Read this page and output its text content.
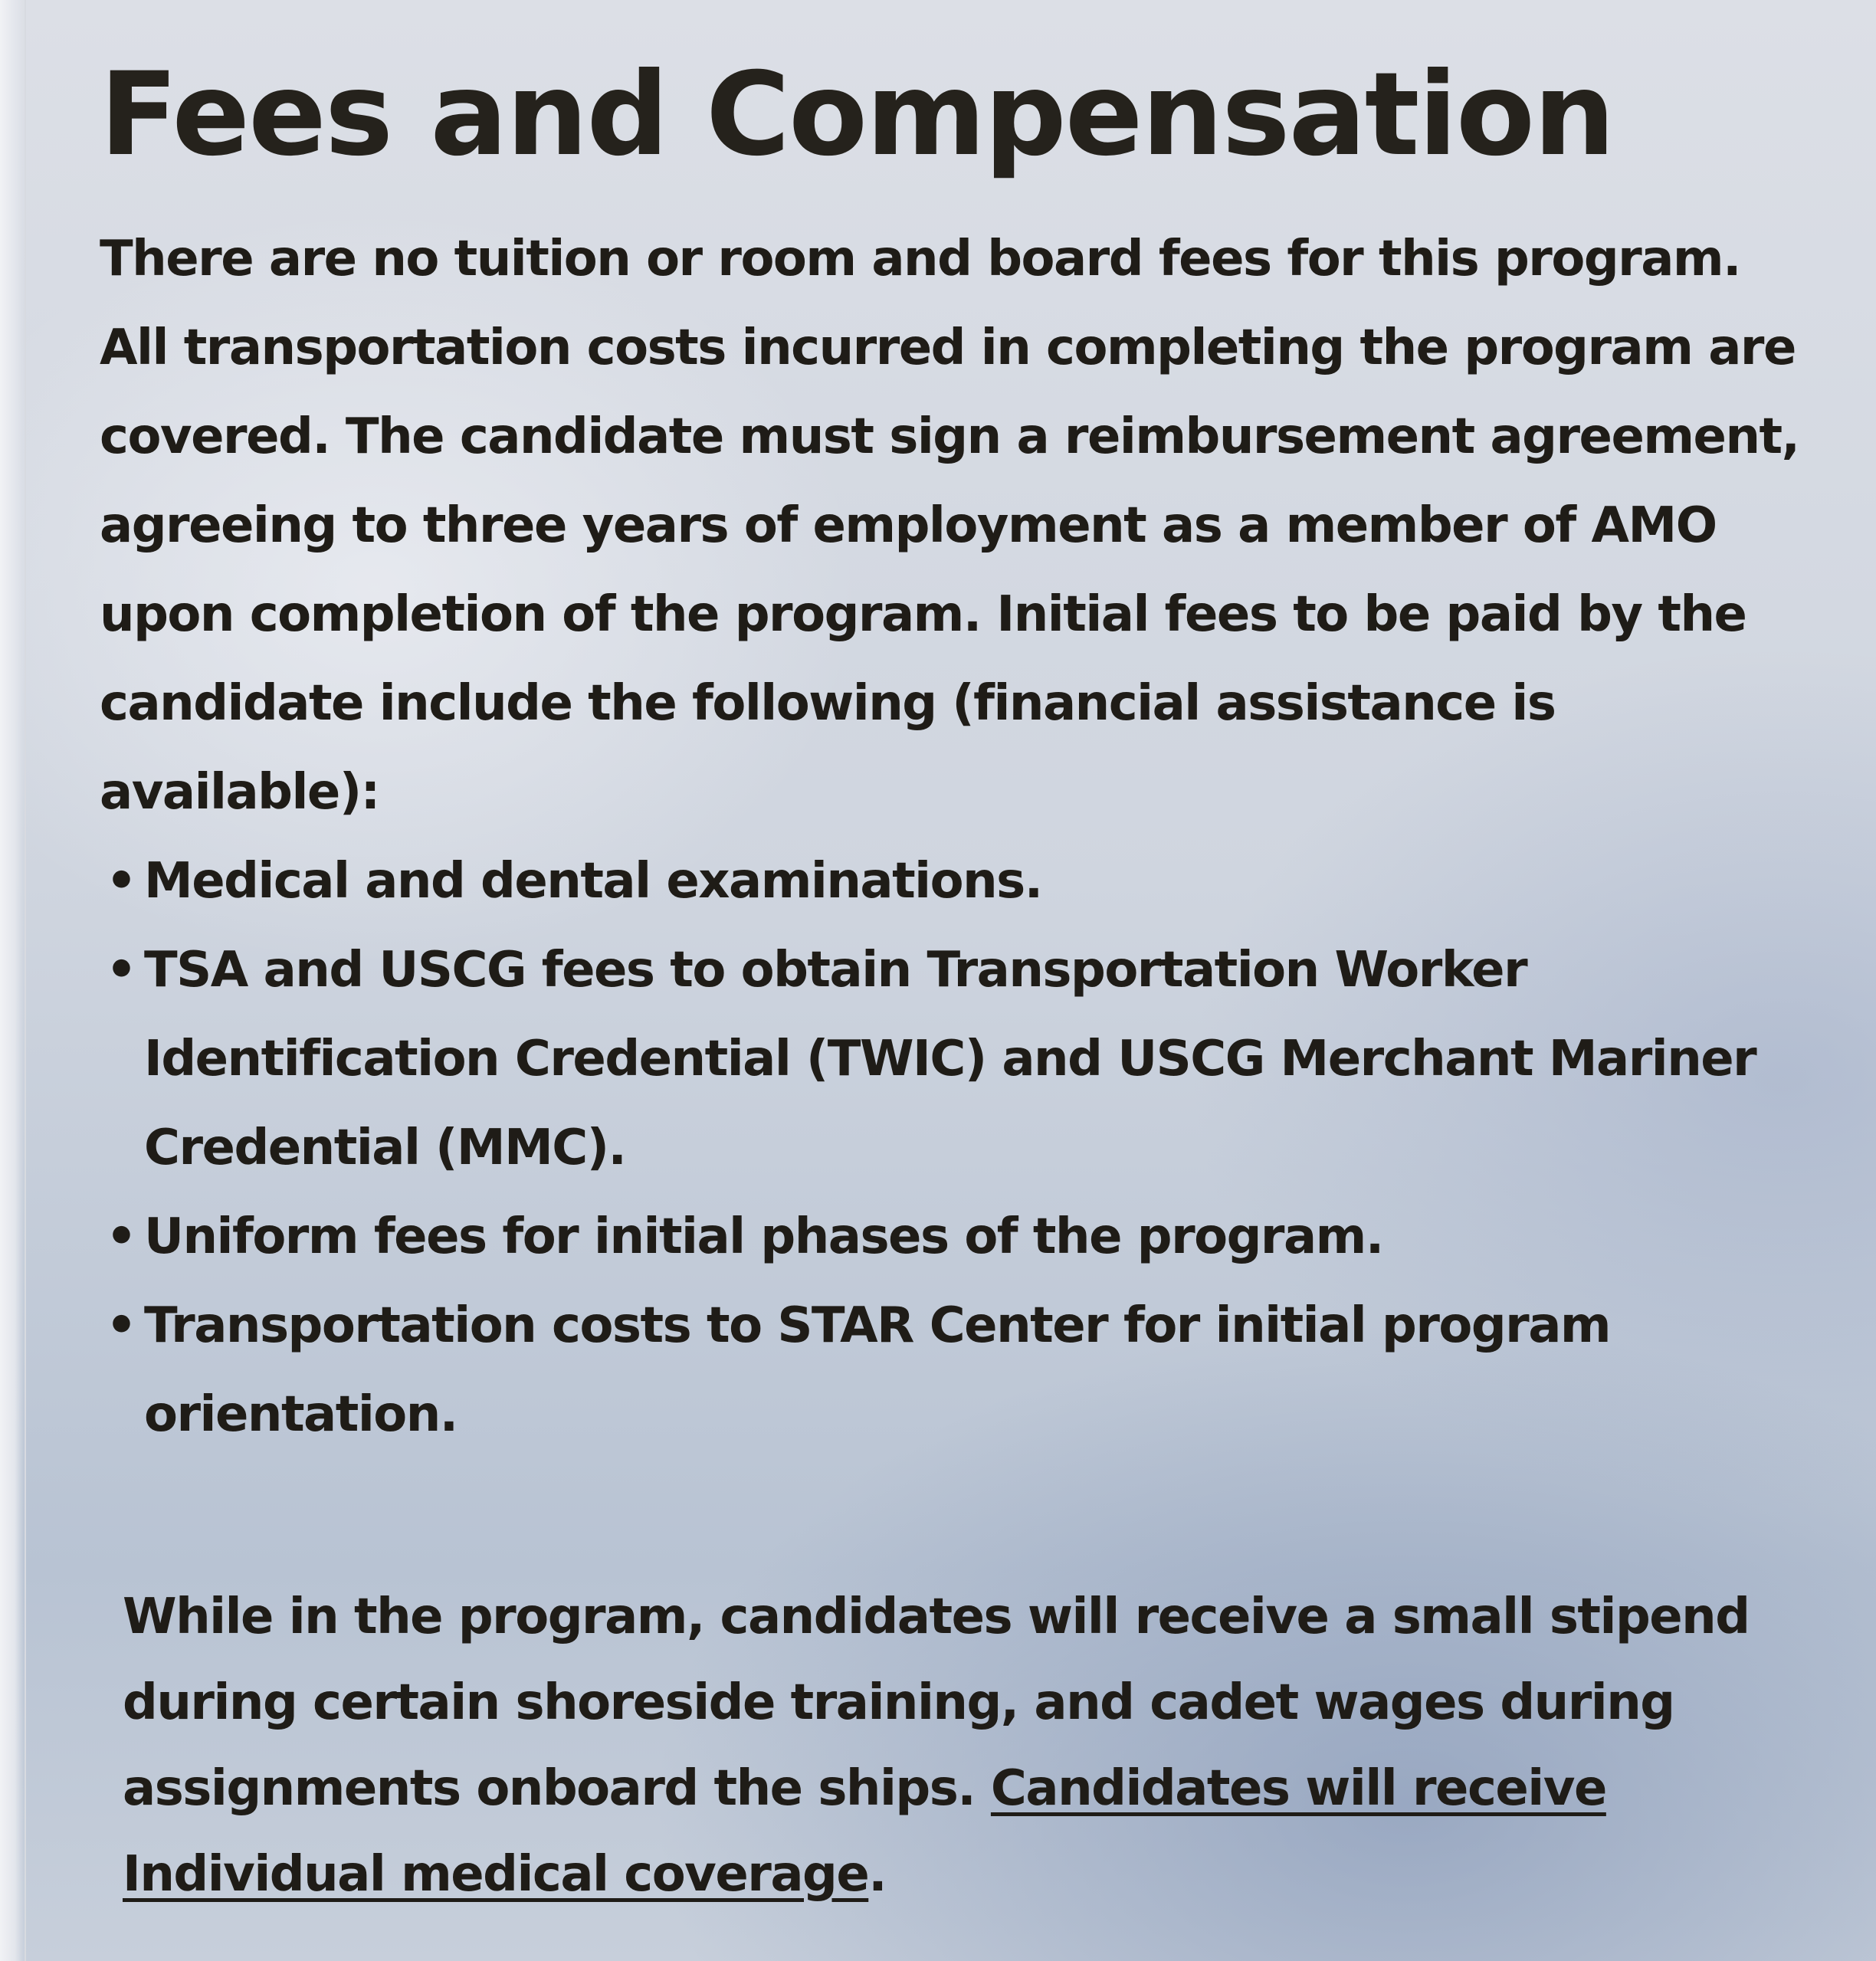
Fees and Compensation

There are no tuition or room and board fees for this program. All transportation costs incurred in completing the program are covered. The candidate must sign a reimbursement agreement, agreeing to three years of employment as a member of AMO upon completion of the program. Initial fees to be paid by the candidate include the following (financial assistance is available):

• Medical and dental examinations.
• TSA and USCG fees to obtain Transportation Worker Identification Credential (TWIC) and USCG Merchant Mariner Credential (MMC).
• Uniform fees for initial phases of the program.
• Transportation costs to STAR Center for initial program orientation.

While in the program, candidates will receive a small stipend during certain shoreside training, and cadet wages during assignments onboard the ships. Candidates will receive Individual medical coverage.
